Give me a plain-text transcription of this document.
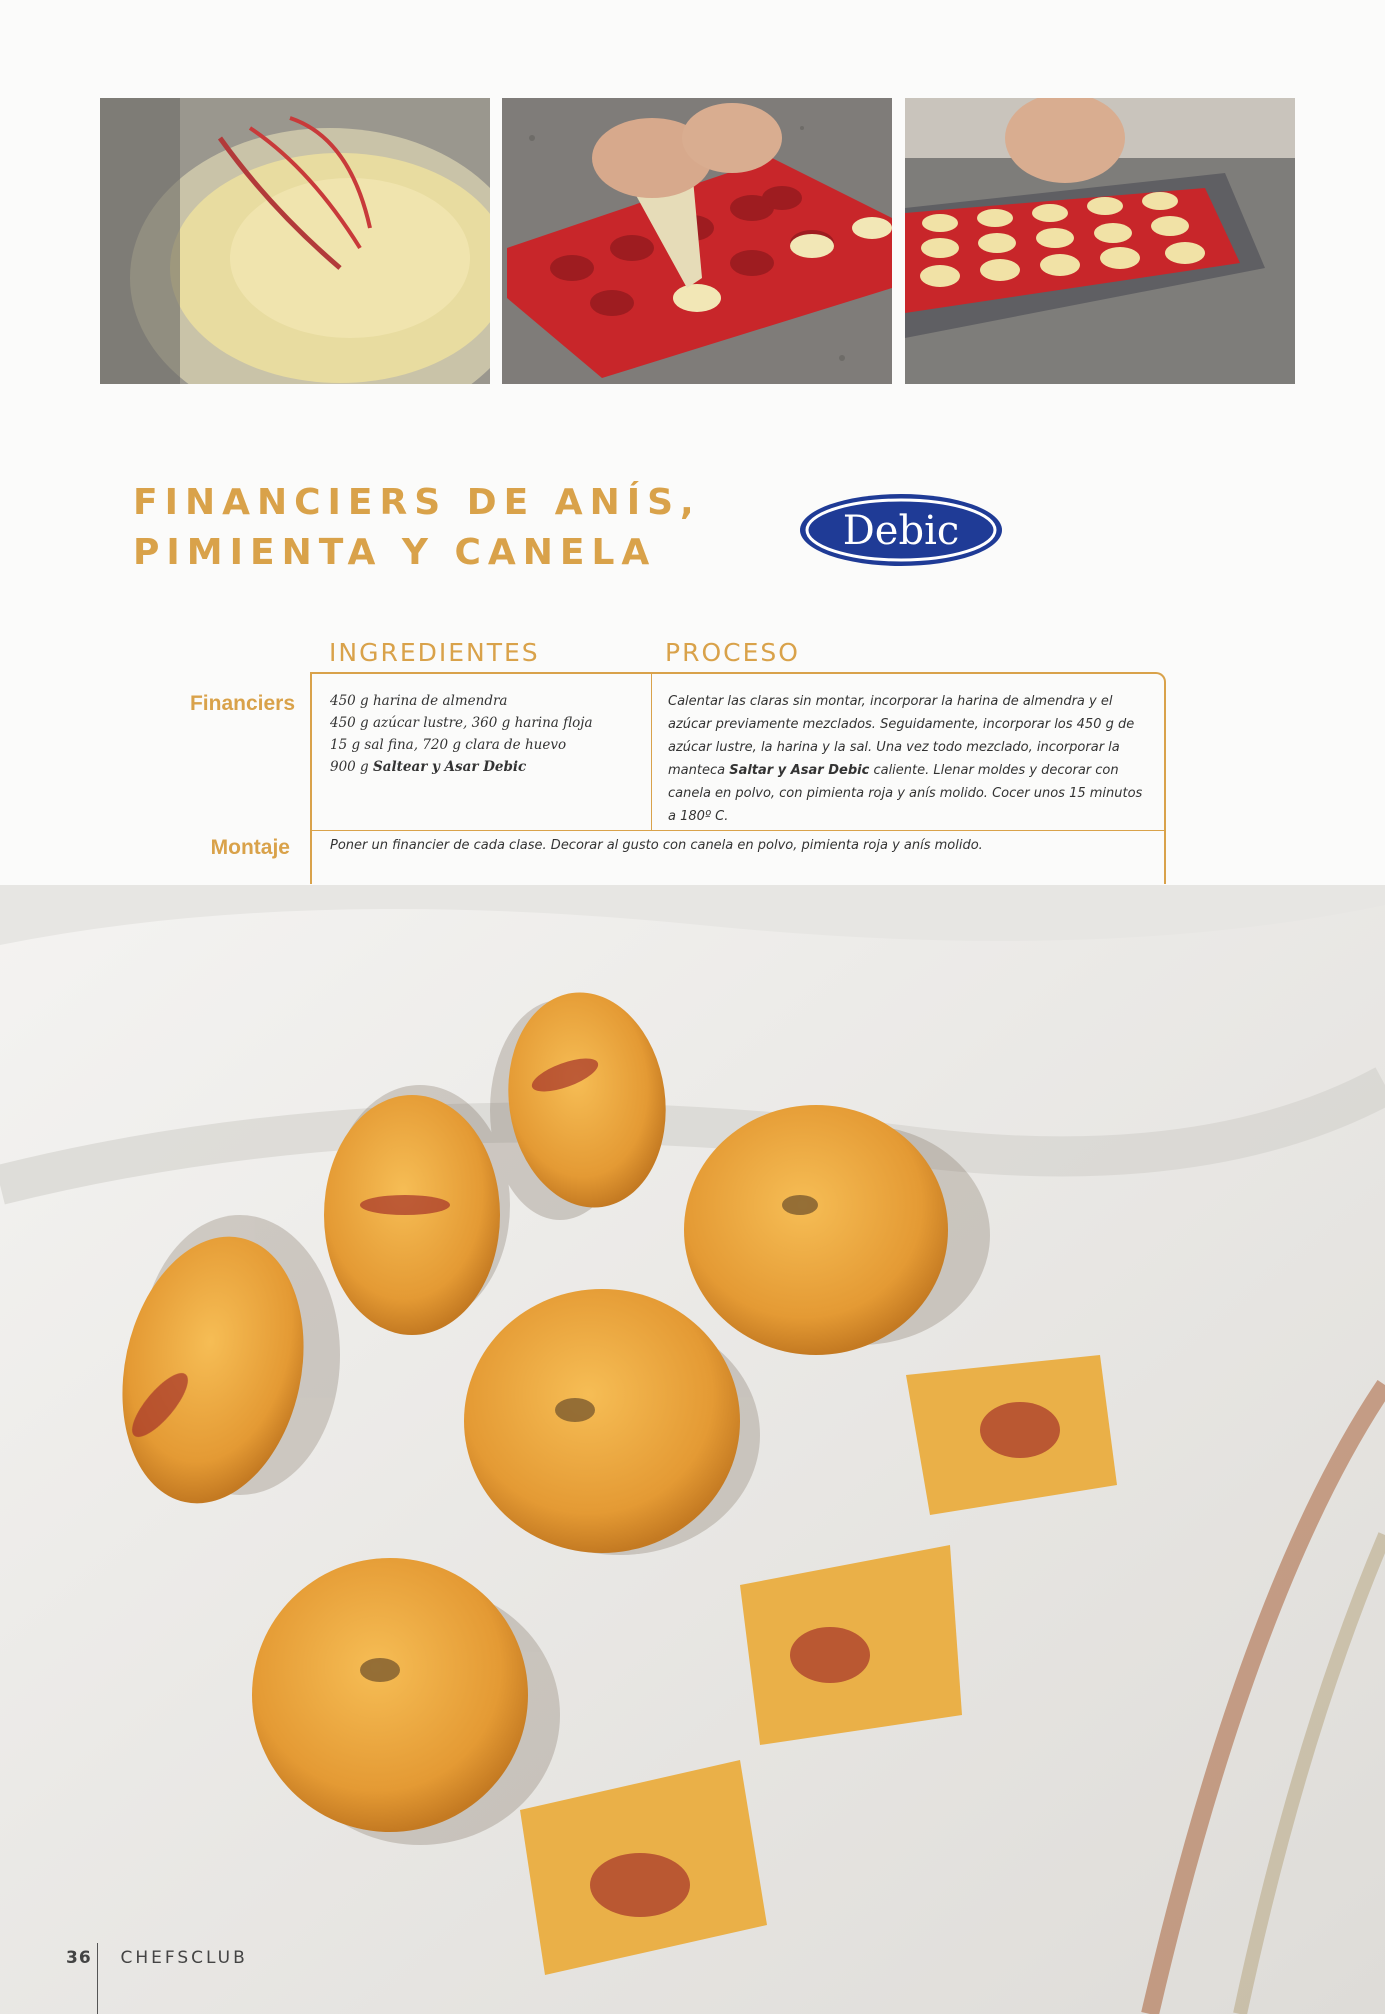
FINANCIERS DE ANÍS,
PIMIENTA Y CANELA	Debic
INGREDIENTES	PROCESO
Financiers
Montaje
450 g harina de almendra
450 g azúcar lustre, 360 g harina floja
15 g sal fina, 720 g clara de huevo
900 g Saltear y Asar Debic

Calentar las claras sin montar, incorporar la harina de almendra y el azúcar previamente mezclados. Seguidamente, incorporar los 450 g de azúcar lustre, la harina y la sal. Una vez todo mezclado, incorporar la manteca Saltar y Asar Debic caliente. Llenar moldes y decorar con canela en polvo, con pimienta roja y anís molido. Cocer unos 15 minutos a 180º C.

Poner un financier de cada clase. Decorar al gusto con canela en polvo, pimienta roja y anís molido.

36 CHEFSCLUB
